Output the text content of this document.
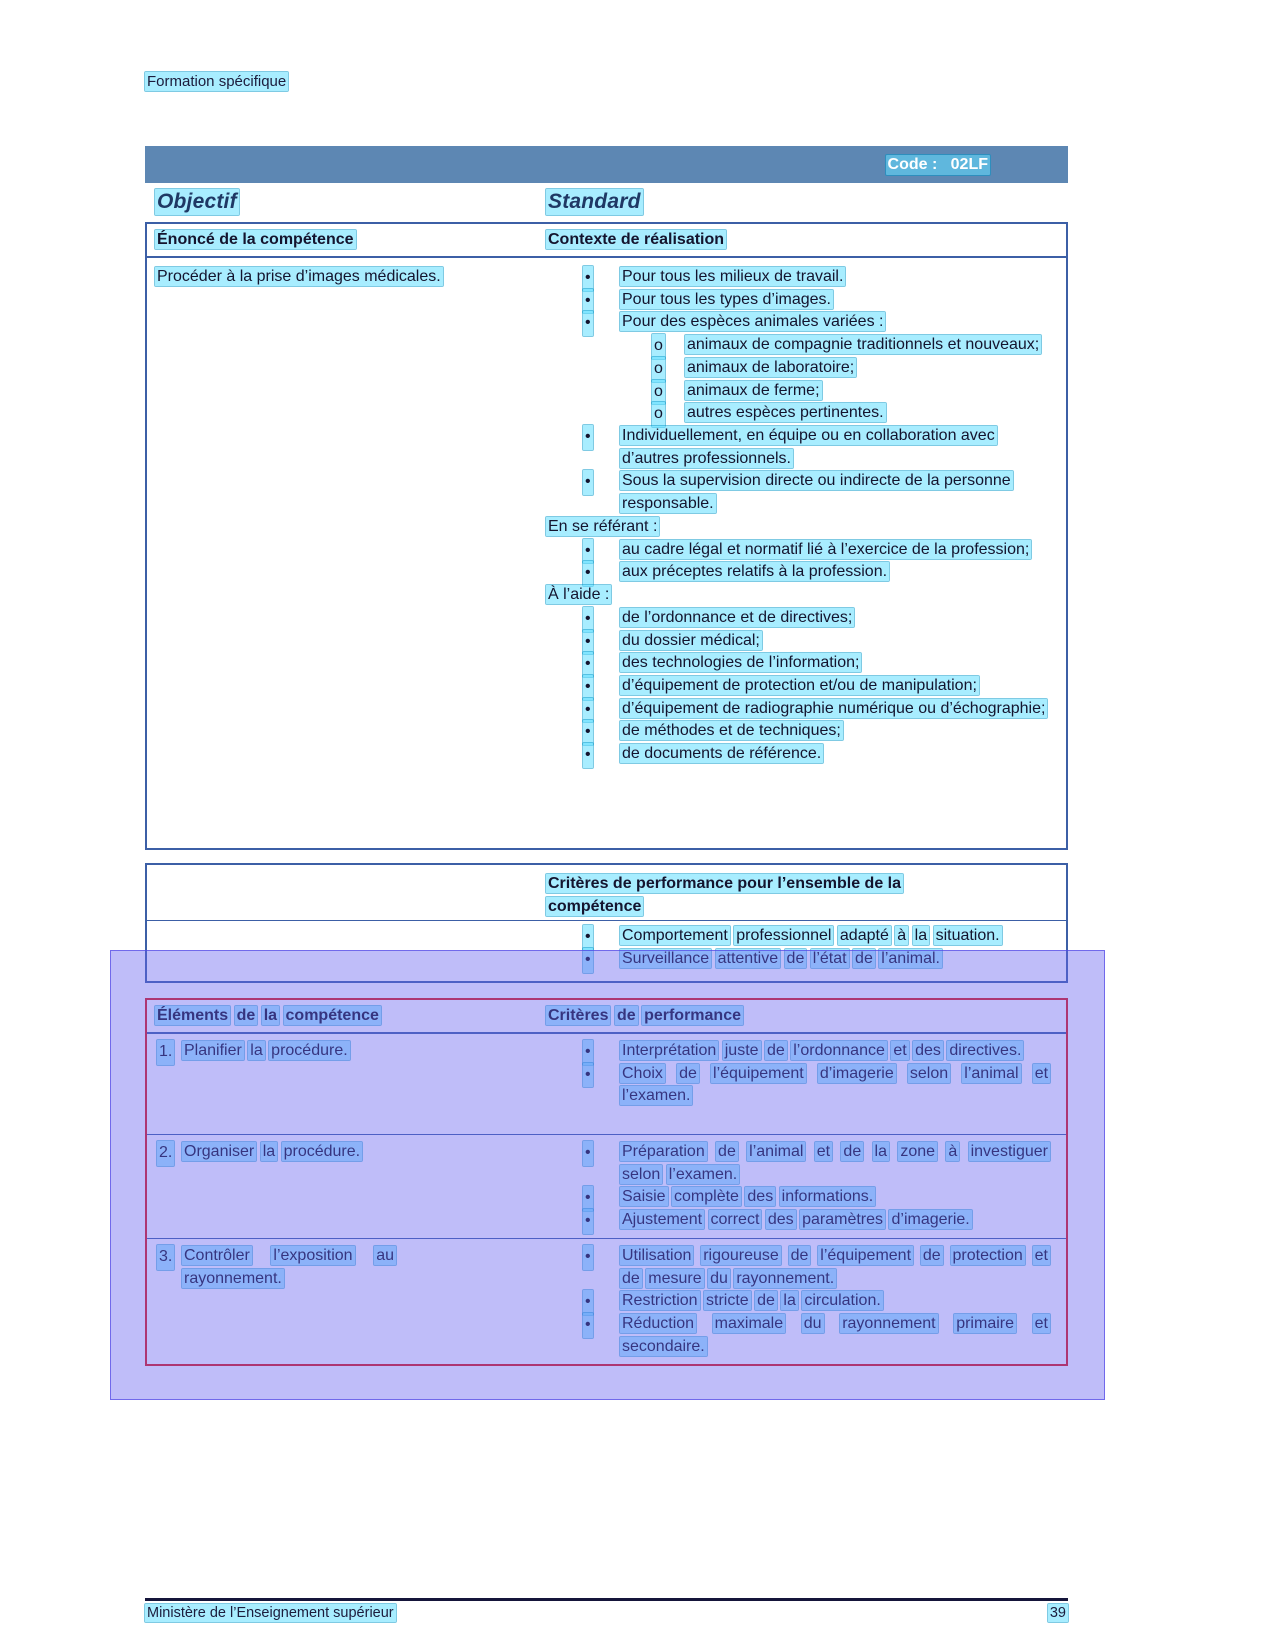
Formation spécifique
Code :   02LF
Objectif	Standard
Énoncé de la compétence	Contexte de réalisation
Procéder à la prise d’images médicales.	• Pour tous les milieux de travail.
• Pour tous les types d’images.
• Pour des espèces animales variées :
o animaux de compagnie traditionnels et nouveaux;
o animaux de laboratoire;
o animaux de ferme;
o autres espèces pertinentes.
• Individuellement, en équipe ou en collaboration avec d’autres professionnels.
• Sous la supervision directe ou indirecte de la personne responsable.
En se référant :
• au cadre légal et normatif lié à l’exercice de la profession;
• aux préceptes relatifs à la profession.
À l’aide :
• de l’ordonnance et de directives;
• du dossier médical;
• des technologies de l’information;
• d’équipement de protection et/ou de manipulation;
• d’équipement de radiographie numérique ou d’échographie;
• de méthodes et de techniques;
• de documents de référence.
Critères de performance pour l’ensemble de la compétence
• Comportement professionnel adapté à la situation.
• Surveillance attentive de l’état de l’animal.
Éléments de la compétence	Critères de performance
1. Planifier la procédure.	• Interprétation juste de l’ordonnance et des directives.
• Choix de l’équipement d’imagerie selon l’animal et l’examen.
2. Organiser la procédure.	• Préparation de l’animal et de la zone à investiguer selon l’examen.
• Saisie complète des informations.
• Ajustement correct des paramètres d’imagerie.
3. Contrôler l’exposition au rayonnement.
• Utilisation rigoureuse de l’équipement de protection et de mesure du rayonnement.
• Restriction stricte de la circulation.
• Réduction maximale du rayonnement primaire et secondaire.
Ministère de l’Enseignement supérieur	39
